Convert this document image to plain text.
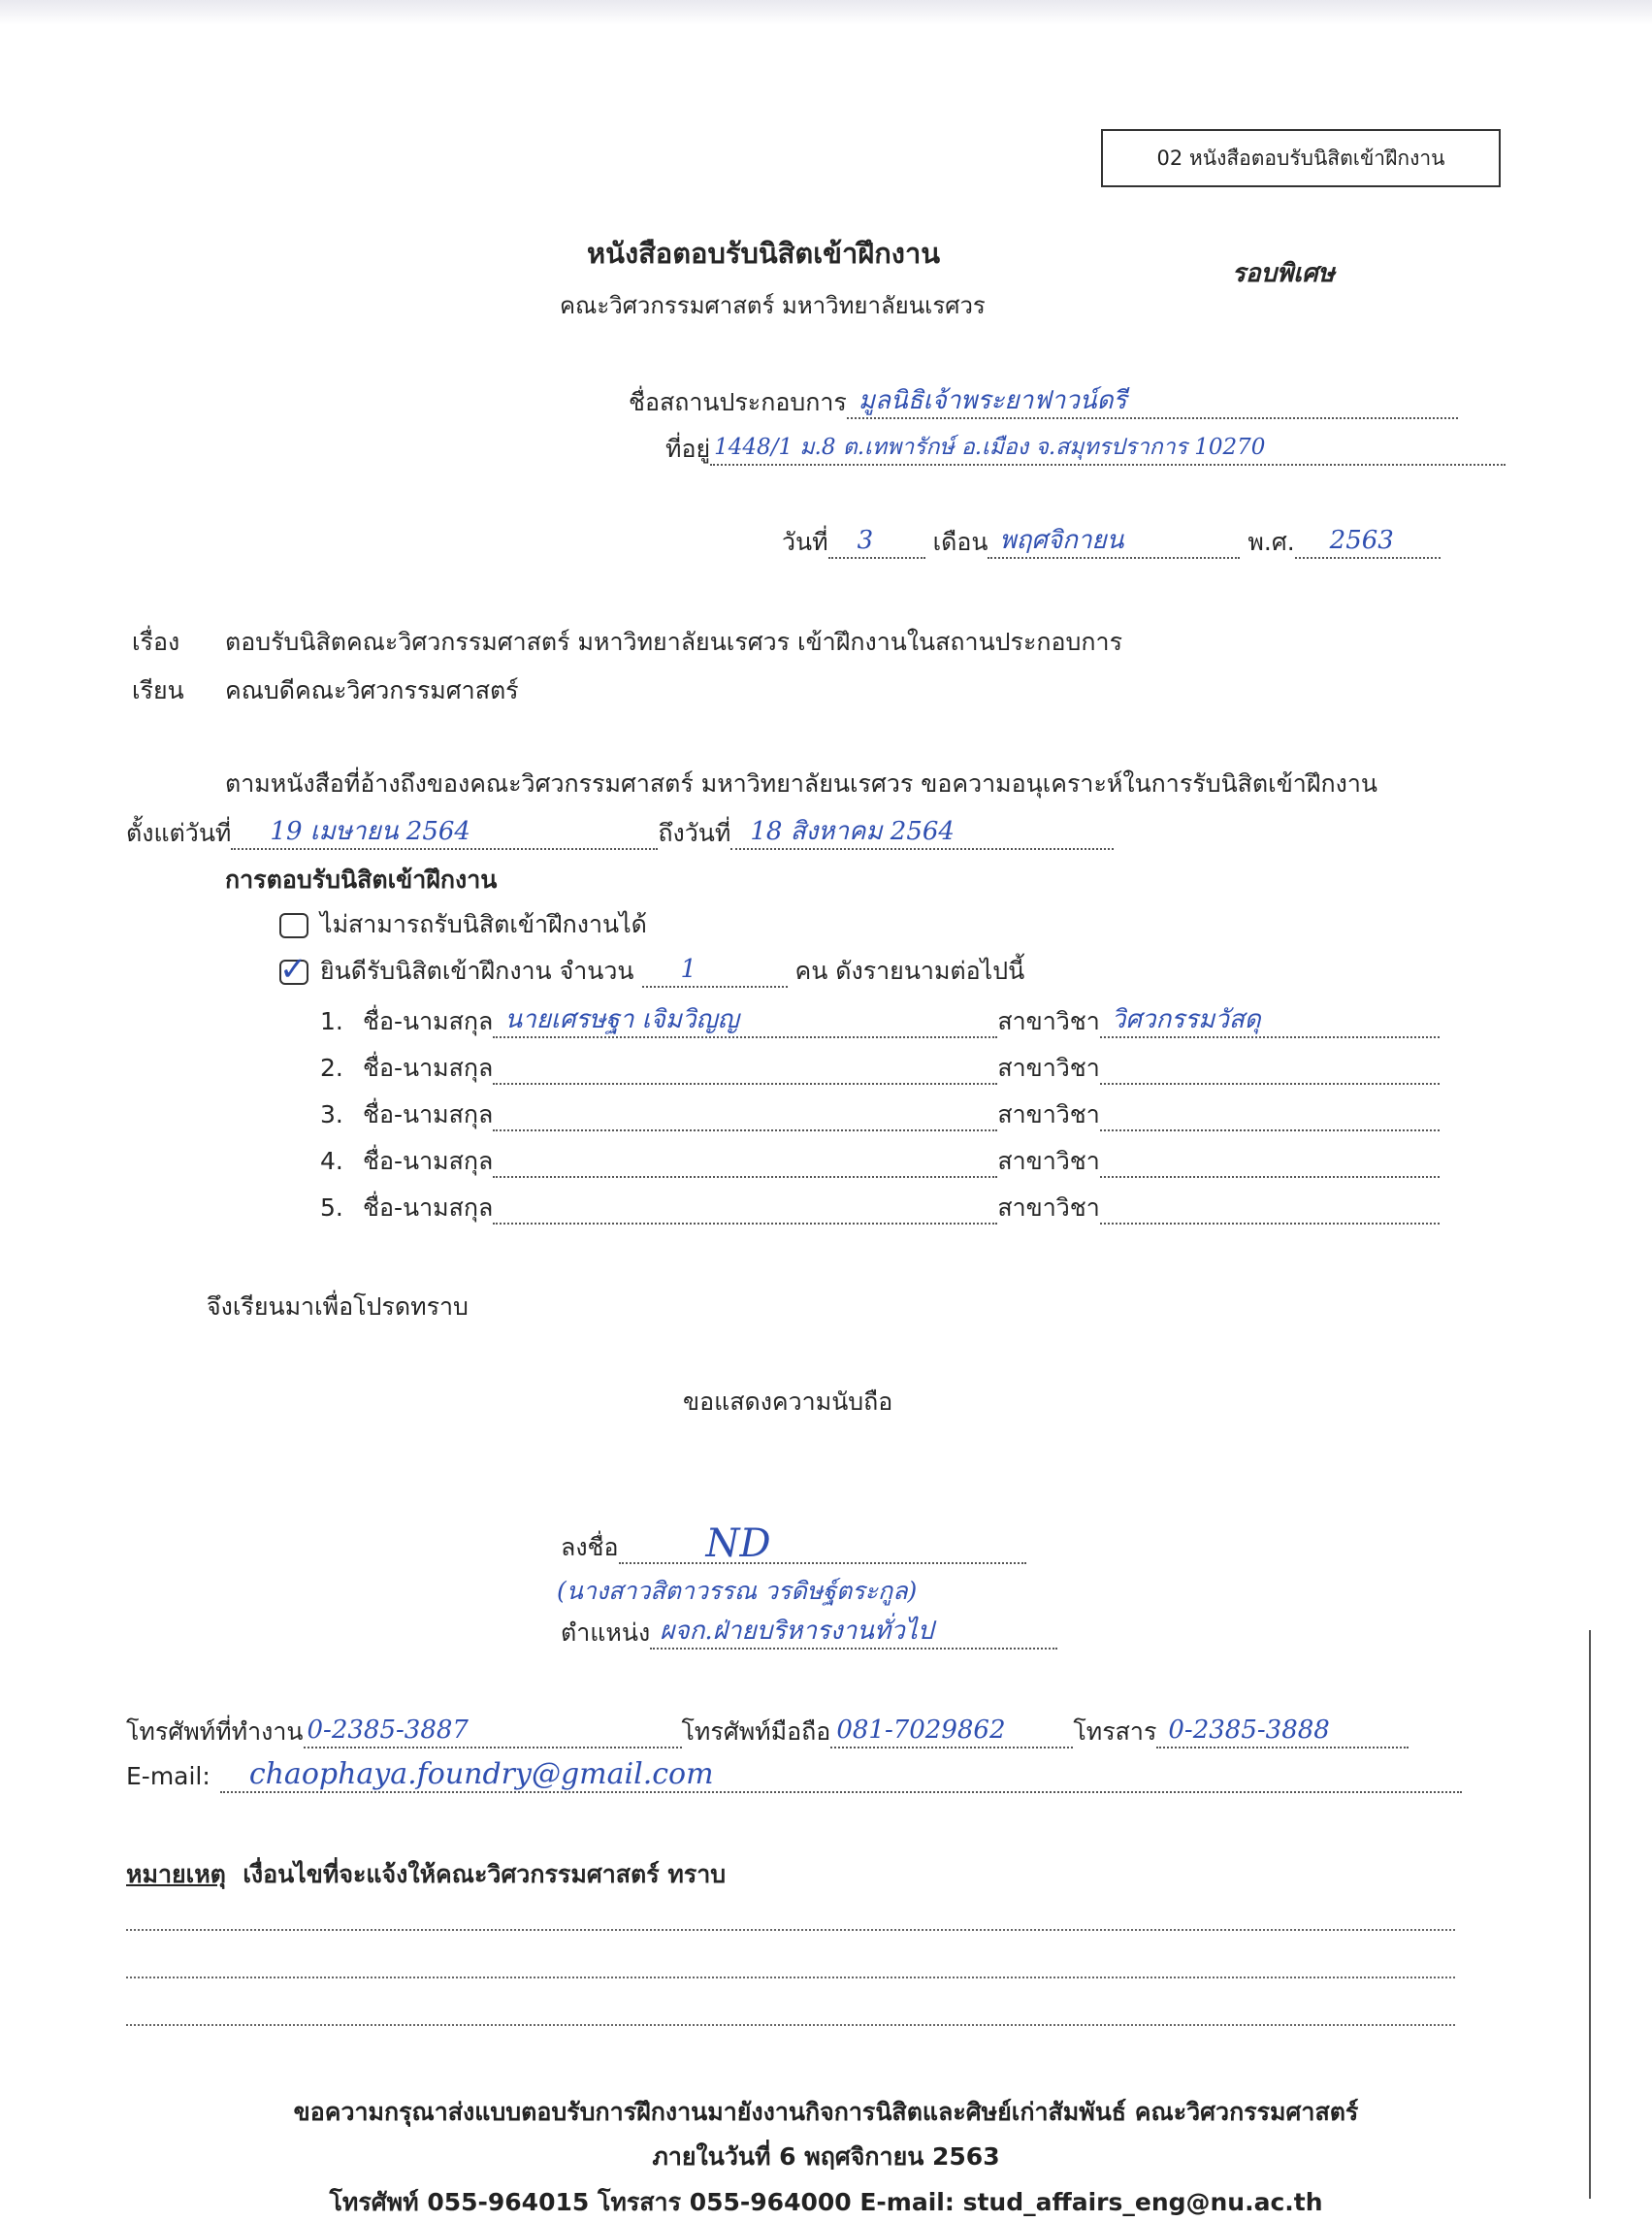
02 หนังสือตอบรับนิสิตเข้าฝึกงาน
หนังสือตอบรับนิสิตเข้าฝึกงาน
รอบพิเศษ
คณะวิศวกรรมศาสตร์ มหาวิทยาลัยนเรศวร
ชื่อสถานประกอบการ มูลนิธิเจ้าพระยาฟาวน์ดรี
ที่อยู่ 1448/1 ม.8 ต.เทพารักษ์ อ.เมือง จ.สมุทรปราการ 10270
วันที่ 3 เดือน พฤศจิกายน	พ.ศ. 2563
เรื่อง ตอบรับนิสิตคณะวิศวกรรมศาสตร์ มหาวิทยาลัยนเรศวร เข้าฝึกงานในสถานประกอบการ
เรียน คณบดีคณะวิศวกรรมศาสตร์
ตามหนังสือที่อ้างถึงของคณะวิศวกรรมศาสตร์ มหาวิทยาลัยนเรศวร ขอความอนุเคราะห์ในการรับนิสิตเข้าฝึกงาน
ตั้งแต่วันที่ 19 เมษายน 2564	ถึงวันที่ 18 สิงหาคม 2564
การตอบรับนิสิตเข้าฝึกงาน
ไม่สามารถรับนิสิตเข้าฝึกงานได้
✓ ยินดีรับนิสิตเข้าฝึกงาน จำนวน 1	คน ดังรายนามต่อไปนี้
1. ชื่อ-นามสกุล นายเศรษฐา เจิมวิญญ	สาขาวิชา วิศวกรรมวัสดุ
2. ชื่อ-นามสกุล	สาขาวิชา
3. ชื่อ-นามสกุล	สาขาวิชา
4. ชื่อ-นามสกุล	สาขาวิชา
5. ชื่อ-นามสกุล	สาขาวิชา
จึงเรียนมาเพื่อโปรดทราบ
ขอแสดงความนับถือ
ลงชื่อ ND
(นางสาวสิตาวรรณ วรดิษฐ์ตระกูล)
ตำแหน่ง ผจก.ฝ่ายบริหารงานทั่วไป
โทรศัพท์ที่ทำงาน 0-2385-3887	โทรศัพท์มือถือ 081-7029862	โทรสาร 0-2385-3888
E-mail: chaophaya.foundry@gmail.com
หมายเหตุ เงื่อนไขที่จะแจ้งให้คณะวิศวกรรมศาสตร์ ทราบ
ขอความกรุณาส่งแบบตอบรับการฝึกงานมายังงานกิจการนิสิตและศิษย์เก่าสัมพันธ์ คณะวิศวกรรมศาสตร์
ภายในวันที่ 6 พฤศจิกายน 2563
โทรศัพท์ 055-964015 โทรสาร 055-964000 E-mail: stud_affairs_eng@nu.ac.th
